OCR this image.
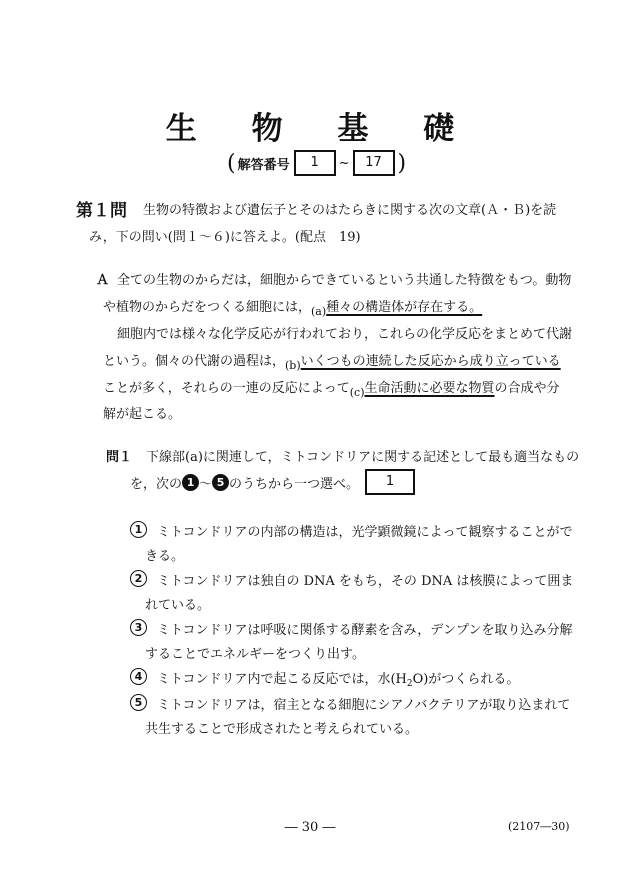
生 物 基 礎
( 解答番号	1	~	17 )
第１問 生物の特徴および遺伝子とそのはたらきに関する次の文章(Ａ・Ｂ)を読
み，下の問い(問１～６)に答えよ。(配点　19)
Ａ 全ての生物のからだは，細胞からできているという共通した特徴をもつ。動物
や植物のからだをつくる細胞には，$_{(a)}$種々の構造体が存在する。
細胞内では様々な化学反応が行われており，これらの化学反応をまとめて代謝
という。個々の代謝の過程は，$_{(b)}$いくつもの連続した反応から成り立っている
ことが多く，それらの一連の反応によって$_{(c)}$生命活動に必要な物質の合成や分
解が起こる。
問１ 下線部(a)に関連して，ミトコンドリアに関する記述として最も適当なもの
を，次の 1 ～ 5 のうちから一つ選べ。	1
1	ミトコンドリアの内部の構造は，光学顕微鏡によって観察することがで
きる。
2	ミトコンドリアは独自の DNA をもち，その DNA は核膜によって囲ま
れている。
3	ミトコンドリアは呼吸に関係する酵素を含み，デンプンを取り込み分解
することでエネルギーをつくり出す。
4	ミトコンドリア内で起こる反応では，水$(H_2O)$がつくられる。
5	ミトコンドリアは，宿主となる細胞にシアノバクテリアが取り込まれて
共生することで形成されたと考えられている。
― 30 ―	(2107―30)
